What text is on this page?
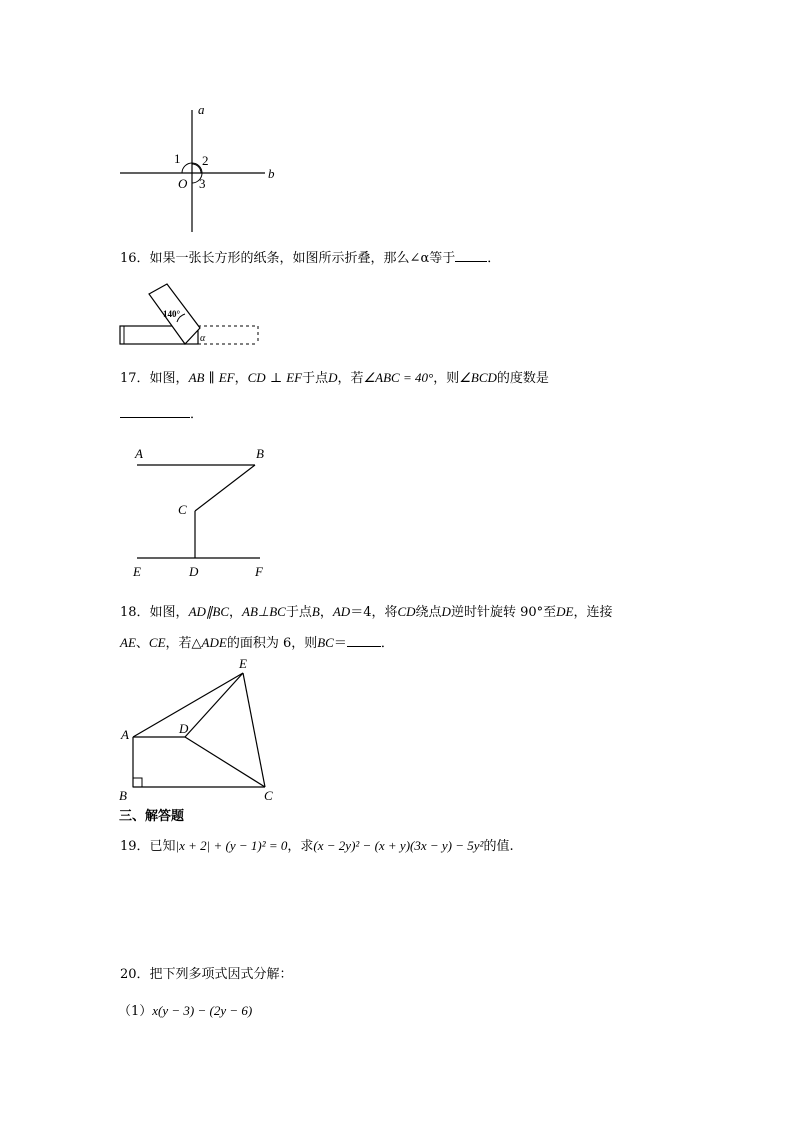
a
b
O
1 2
3
16．如果一张长方形的纸条，如图所示折叠，那么∠α等于 ．
140°
α
17．如图，AB ∥ EF，CD ⊥ EF于点D，若∠ABC = 40°，则∠BCD的度数是
．
A	B
C
E	D	F
18．如图，AD∥BC，AB⊥BC于点B，AD＝4，将CD绕点D逆时针旋转 90°至DE，连接
AE、CE，若△ADE的面积为 6，则BC＝	．
A
B	C
D
E
三、解答题
19．已知|x + 2| + (y − 1)² = 0，求(x − 2y)² − (x + y)(3x − y) − 5y²的值.
20．把下列多项式因式分解：
（1）x(y − 3) − (2y − 6)
